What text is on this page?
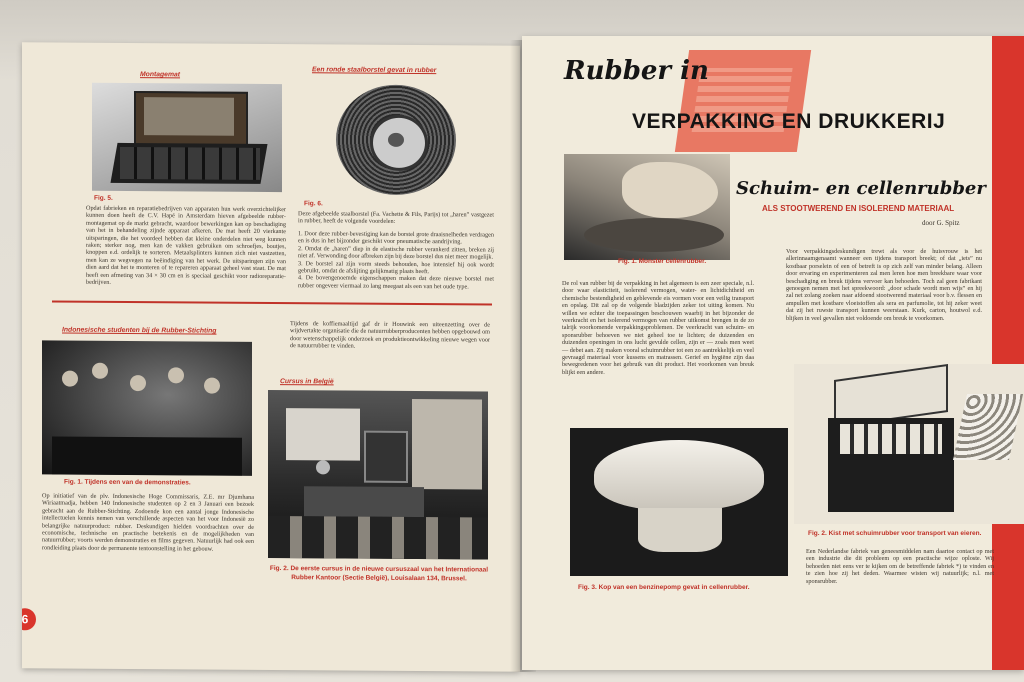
Montagemat
Fig. 5.
Opdat fabrieken en reparatiebedrijven van apparaten hun werk overzichtelijker kunnen doen heeft de C.V. Hapé in Amsterdam hieven afgebeelde rubber-montagemat op de markt gebracht, waardoor bewerkingen kan op beschadiging van het in behandeling zijnde apparaat afkeren. De mat heeft 20 vierkante uitsparingen, die het voordeel hebben dat kleine onderdelen niet weg kunnen raken; sterker nog, men kan de vakken gebruiken om schroefjes, boutjes, knoppen e.d. ordelijk te sorteren. Metaalsplinters kunnen zich niet vastzetten, men kan ze wegvegen na beëindiging van het werk. De uitsparingen zijn van dien aard dat het te monteren of te repareren apparaat geheel vast staat. De mat heeft een afmeting van 34 × 30 cm en is speciaal geschikt voor radioreparatie-bedrijven.
Een ronde staalborstel gevat in rubber
Fig. 6.
Deze afgebeelde staalborstel (Fa. Vachette & Fils, Parijs) tot „haren” vastgezet in rubber, heeft de volgende voordelen:
1. Door deze rubber-bevestiging kan de borstel grote draaisnelheden verdragen en is dus in het bijzonder geschikt voor pneumatische aandrijving.
2. Omdat de „haren” diep in de elastische rubber verankerd zitten, breken zij niet af. Verwonding door afbreken zijn bij deze borstel dus niet meer mogelijk.
3. De borstel zal zijn vorm steeds behouden, hoe intensief hij ook wordt gebruikt, omdat de afslijting gelijkmatig plaats heeft.
4. De bovengenoemde eigenschappen maken dat deze nieuwe borstel met rubber ongeveer viermaal zo lang meegaat als een van het oude type.
Tijdens de koffiemaaltijd gaf dr ir Houwink een uiteenzetting over de wijdvertakte organisatie die de natuurrubberproducenten hebben opgebouwd om door wetenschappelijk onderzoek en produktieontwikkeling nieuwe wegen voor de natuurrubber te vinden.
Indonesische studenten bij de Rubber-Stichting
Fig. 1. Tijdens een van de demonstraties.
Op initiatief van de plv. Indonesische Hoge Commissaris, Z.E. mr Djumhana Wiriaatmadja, hebben 140 Indonesische studenten op 2 en 3 Januari een bezoek gebracht aan de Rubber-Stichting. Zodoende kon een aantal jonge Indonesische intellectuelen kennis nemen van verschillende aspecten van het voor Indonesië zo belangrijke natuurproduct: rubber. Deskundigen hielden voordrachten over de economische, technische en practische betekenis en de mogelijkheden van natuurrubber; voorts werden demonstraties en films gegeven. Natuurlijk had ook een rondleiding plaats door de permanente tentoonstelling in het gebouw.
Cursus in België
Fig. 2. De eerste cursus in de nieuwe cursuszaal van het Internationaal Rubber Kantoor (Sectie België), Louisalaan 134, Brussel.
6
Rubber in
VERPAKKING EN DRUKKERIJ
Fig. 1. Monster cellenrubber.
Schuim- en cellenrubber
ALS STOOTWEREND EN ISOLEREND MATERIAAL
door G. Spitz
De rol van rubber bij de verpakking in het algemeen is een zeer speciale, n.l. door waar elasticiteit, isolerend vermogen, water- en lichtdichtheid en chemische bestendigheid en geblevende eis vormen voor een veilig transport en opslag. Dit zal op de volgende bladzijden zeker tot uiting komen. Nu willen we echter die toepassingen beschouwen waarbij in het bijzonder de veerkracht en het isolerend vermogen van rubber uitkomst brengen in de zo talrijk voorkomende verpakkingsproblemen. De veerkracht van schuim- en sponsrubber behoeven we niet geheel toe te lichten; de duizenden en duizenden openingen in ons lucht gevulde cellen, zijn er — zoals men weet — debet aan. Zij maken vooral schuimrubber tot een zo aantrekkelijk en veel gevraagd materiaal voor kussens en matrassen. Gerief en hygiëne zijn daa bewegredenen voor het gebruik van dit product. Het voorkomen van breuk blijkt een andere.
Voor verpakkingsdeskundigen trewt als voor de huisvrouw is het allerinnaamgenaamt wanneer een tijdens transport breekt; of dat „iets” nu kostbaar porselein of een of betreft is op zich zelf van minder belang. Alleen door ervaring en experimenteren zal men leren hoe men breekbare waar voor beschadiging en breuk tijdens vervoer kan behoeden. Toch zal geen fabrikant genoegen nemen met het spreekwoord: „door schade wordt men wijs” en hij zal net zolang zoeken naar afdoend stootwerend materiaal voor b.v. flessen en ampullen met kostbare vloeistoffen als sera en parfumolie, tot hij zeker weet dat zij het ruwste transport kunnen weerstaan. Kurk, carton, houtwol e.d. blijken in veel gevallen niet voldoende om breuk te voorkomen.
Fig. 3. Kop van een benzinepomp gevat in cellenrubber.
Fig. 2. Kist met schuimrubber voor transport van eieren.
Een Nederlandse fabriek van geneesmiddelen nam daartoe contact op met een industrie die dit probleem op een practische wijze oploste. Wij behoeden niet eens ver te kijken om de betreffende fabriek *) te vinden en te zien hoe zij het deden. Waarmee wisten wij natuurlijk; n.l. met sponsrubber.
